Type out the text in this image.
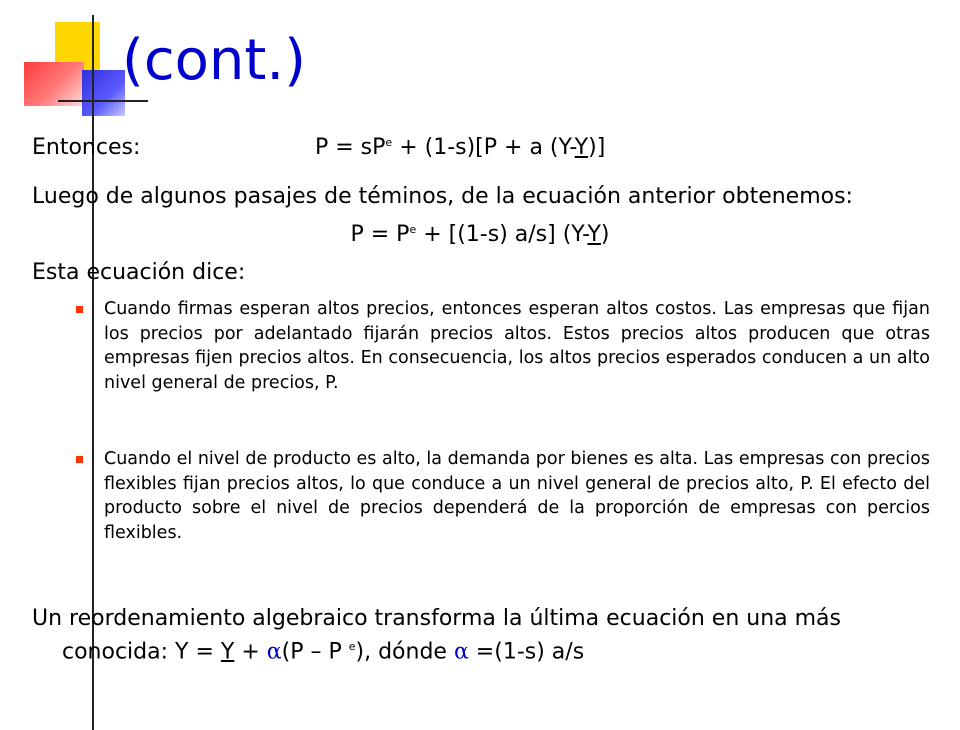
(cont.)
Entonces:	$P = sP^e + (1-s)[P + a$ (Y-Y)]
Luego de algunos pasajes de téminos, de la ecuación anterior obtenemos:
$P = P^e + [(1-s)$ a/s] (Y-Y)
Esta ecuación dice:
Cuando firmas esperan altos precios, entonces esperan altos costos. Las empresas que fijan los precios por adelantado fijarán precios altos. Estos precios altos producen que otras empresas fijen precios altos. En consecuencia, los altos precios esperados conducen a un alto nivel general de precios, P.
Cuando el nivel de producto es alto, la demanda por bienes es alta. Las empresas con precios flexibles fijan precios altos, lo que conduce a un nivel general de precios alto, P. El efecto del producto sobre el nivel de precios dependerá de la proporción de empresas con percios flexibles.
Un reordenamiento algebraico transforma la última ecuación en una más
conocida: Y = Y + α(P – P $^e$), dónde α =(1-s) a/s
